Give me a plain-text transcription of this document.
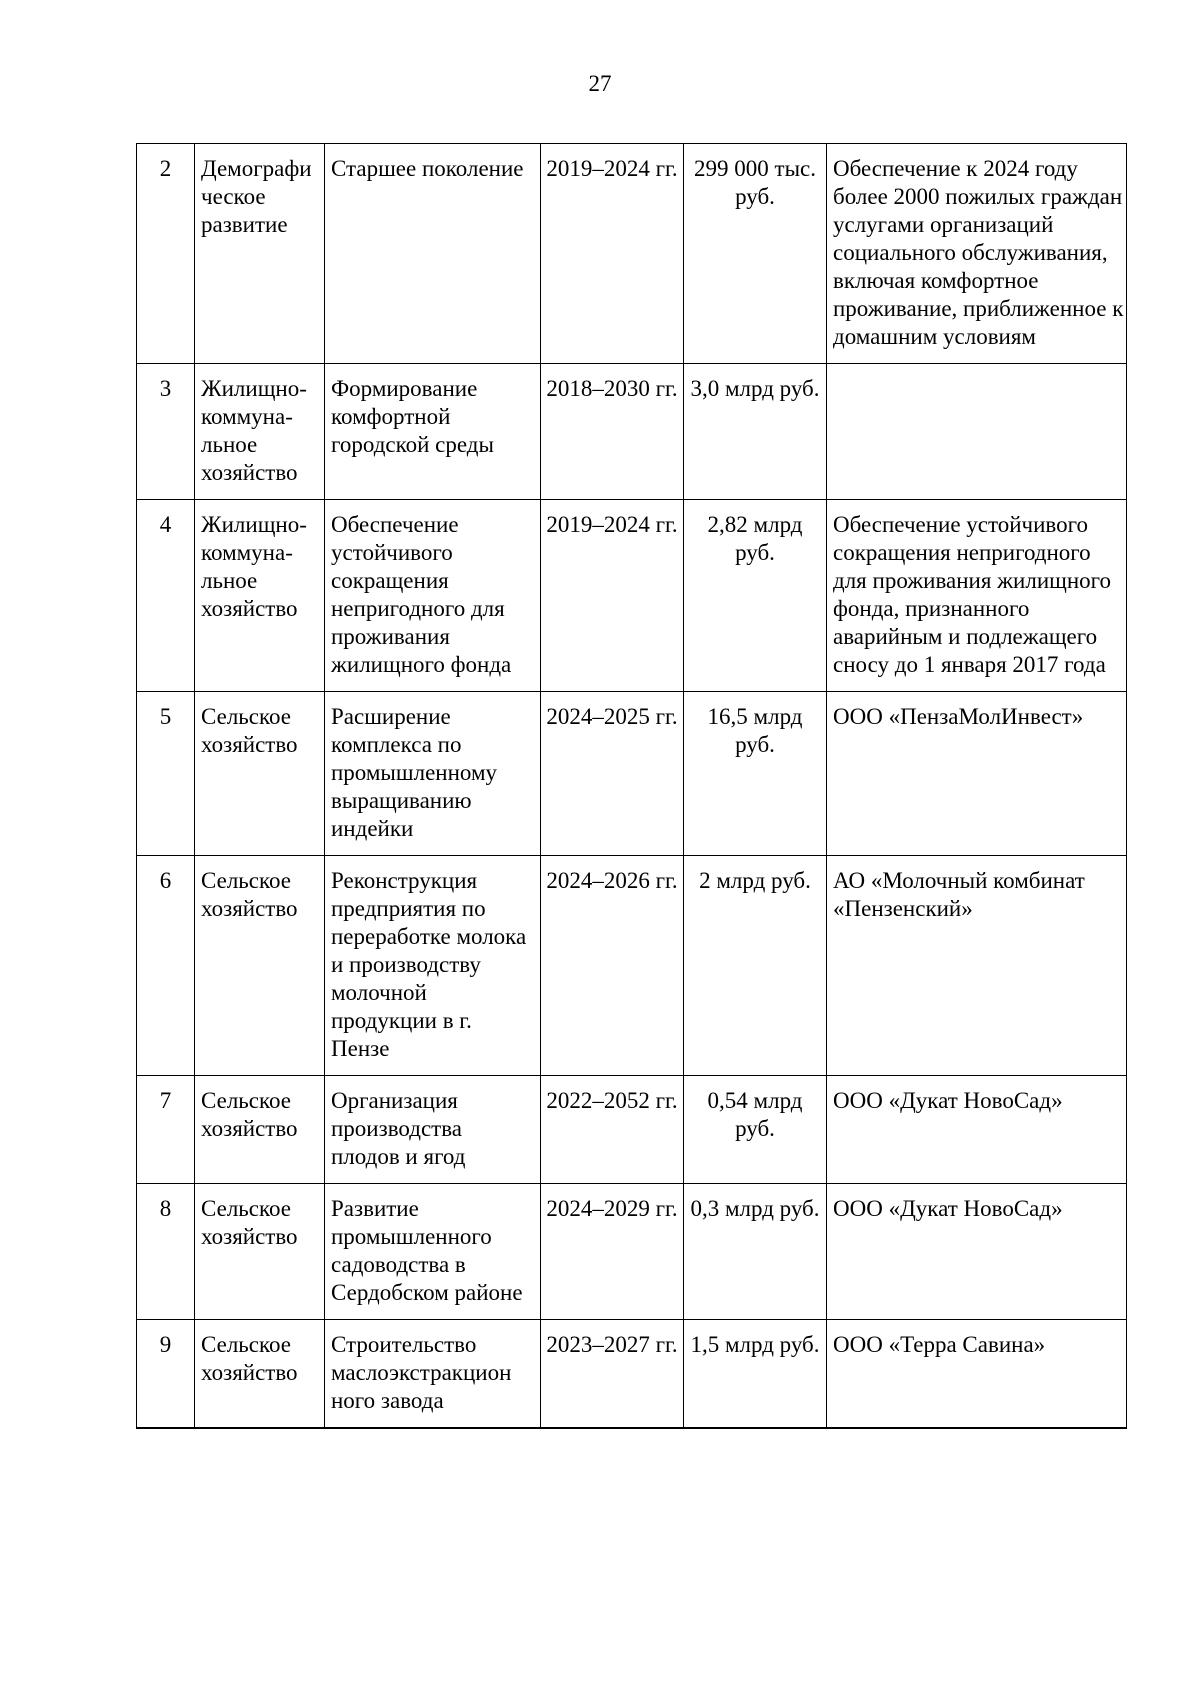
27
2	Демографи
ческое
развитие	Старшее поколение	2019–2024 гг.	299 000 тыс. руб.	Обеспечение к 2024 году более 2000 пожилых граждан услугами организаций социального обслуживания, включая комфортное проживание, приближенное к домашним условиям
3	Жилищно-
коммуна-
льное
хозяйство	Формирование комфортной городской среды	2018–2030 гг.	3,0 млрд руб.	
4	Жилищно-
коммуна-
льное
хозяйство	Обеспечение устойчивого сокращения непригодного для проживания жилищного фонда	2019–2024 гг.	2,82 млрд руб.	Обеспечение устойчивого сокращения непригодного для проживания жилищного фонда, признанного аварийным и подлежащего сносу до 1 января 2017 года
5	Сельское хозяйство	Расширение комплекса по промышленному выращиванию индейки	2024–2025 гг.	16,5 млрд руб.	ООО «ПензаМолИнвест»
6	Сельское хозяйство	Реконструкция предприятия по переработке молока и производству молочной продукции в г. Пензе	2024–2026 гг.	2 млрд руб.	АО «Молочный комбинат «Пензенский»
7	Сельское хозяйство	Организация производства плодов и ягод	2022–2052 гг.	0,54 млрд руб.	ООО «Дукат НовоСад»
8	Сельское хозяйство	Развитие промышленного садоводства в Сердобском районе	2024–2029 гг.	0,3 млрд руб.	ООО «Дукат НовоСад»
9	Сельское хозяйство	Строительство маслоэкстракцион ного завода	2023–2027 гг.	1,5 млрд руб.	ООО «Терра Савина»
